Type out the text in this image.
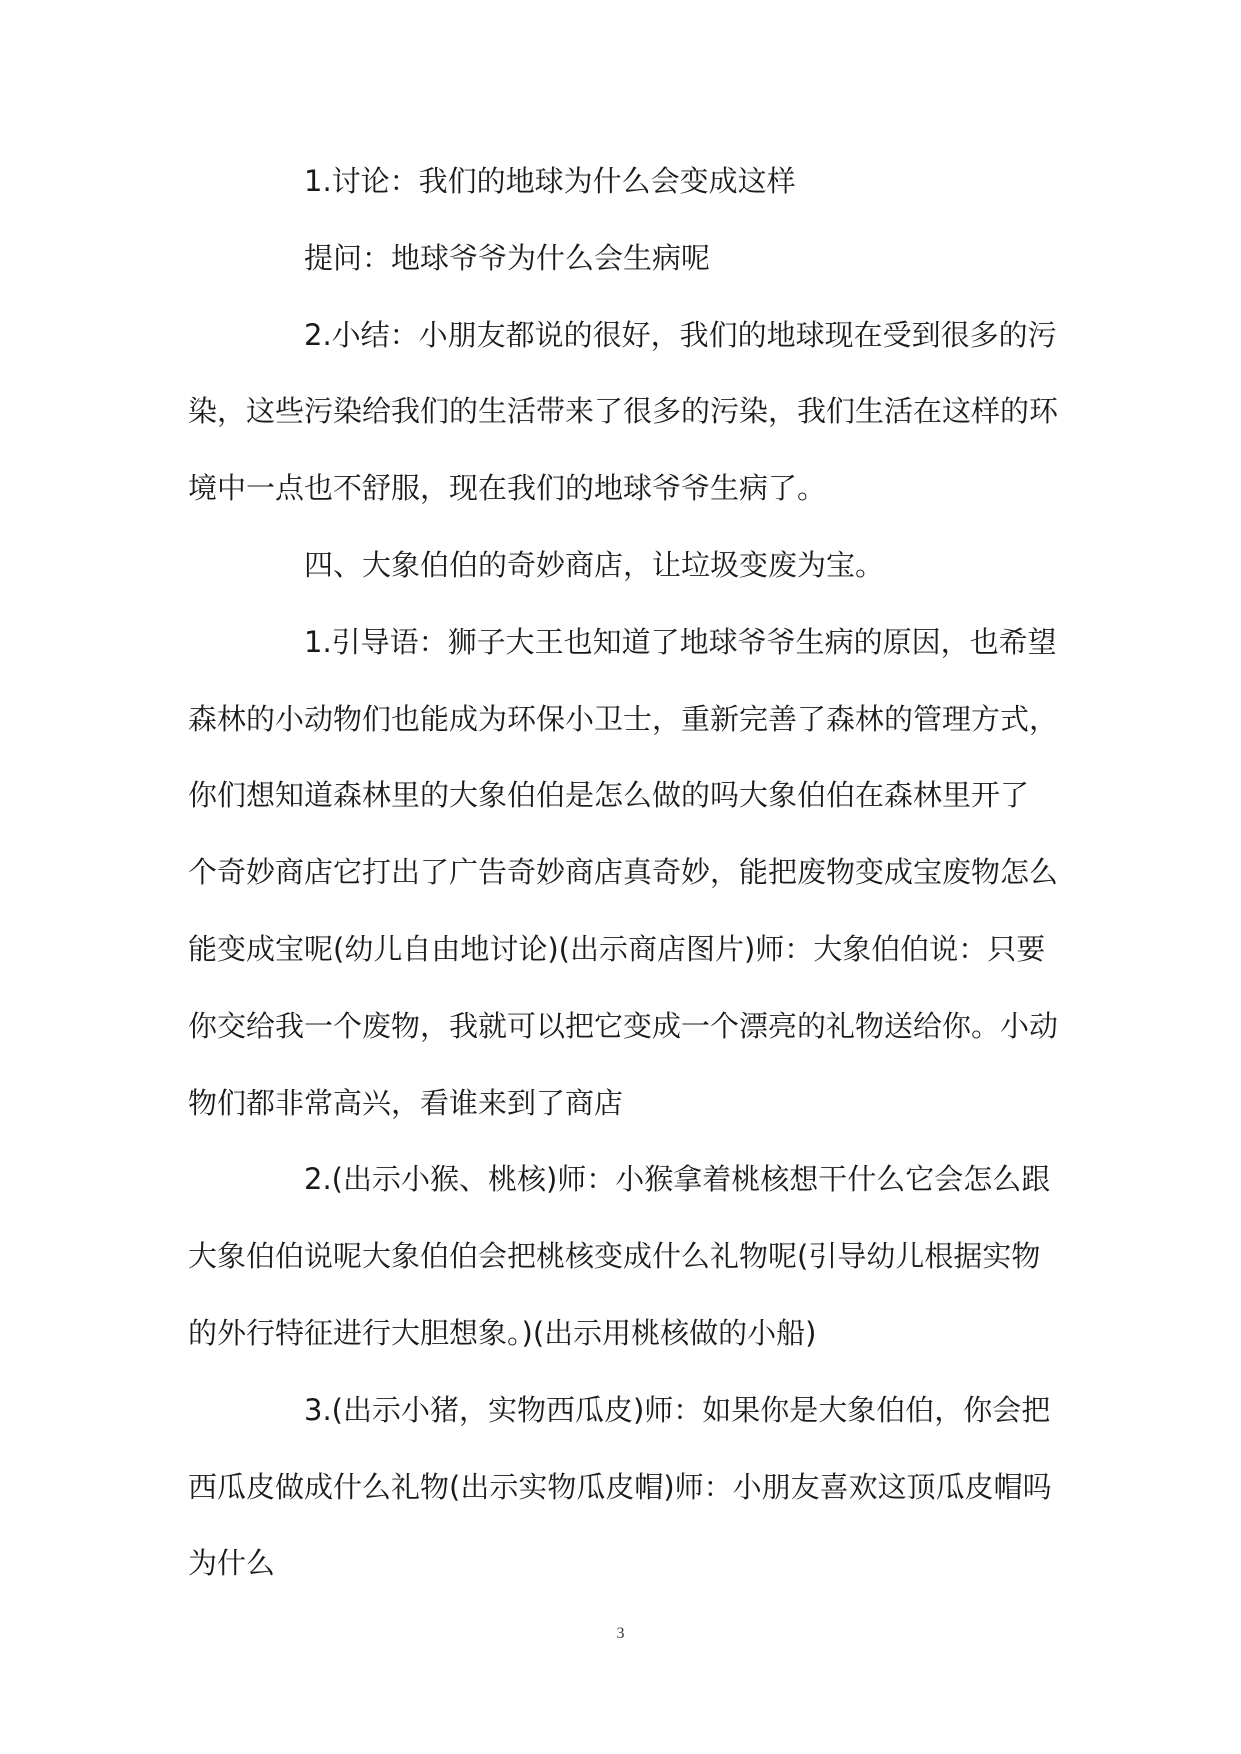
1.讨论：我们的地球为什么会变成这样
提问：地球爷爷为什么会生病呢
2.小结：小朋友都说的很好，我们的地球现在受到很多的污
染，这些污染给我们的生活带来了很多的污染，我们生活在这样的环
境中一点也不舒服，现在我们的地球爷爷生病了。
四、大象伯伯的奇妙商店，让垃圾变废为宝。
1.引导语：狮子大王也知道了地球爷爷生病的原因，也希望
森林的小动物们也能成为环保小卫士，重新完善了森林的管理方式，
你们想知道森林里的大象伯伯是怎么做的吗大象伯伯在森林里开了
个奇妙商店它打出了广告奇妙商店真奇妙，能把废物变成宝废物怎么
能变成宝呢(幼儿自由地讨论)(出示商店图片)师：大象伯伯说：只要
你交给我一个废物，我就可以把它变成一个漂亮的礼物送给你。小动
物们都非常高兴，看谁来到了商店
2.(出示小猴、桃核)师：小猴拿着桃核想干什么它会怎么跟
大象伯伯说呢大象伯伯会把桃核变成什么礼物呢(引导幼儿根据实物
的外行特征进行大胆想象。)(出示用桃核做的小船)
3.(出示小猪，实物西瓜皮)师：如果你是大象伯伯，你会把
西瓜皮做成什么礼物(出示实物瓜皮帽)师：小朋友喜欢这顶瓜皮帽吗
为什么
3
